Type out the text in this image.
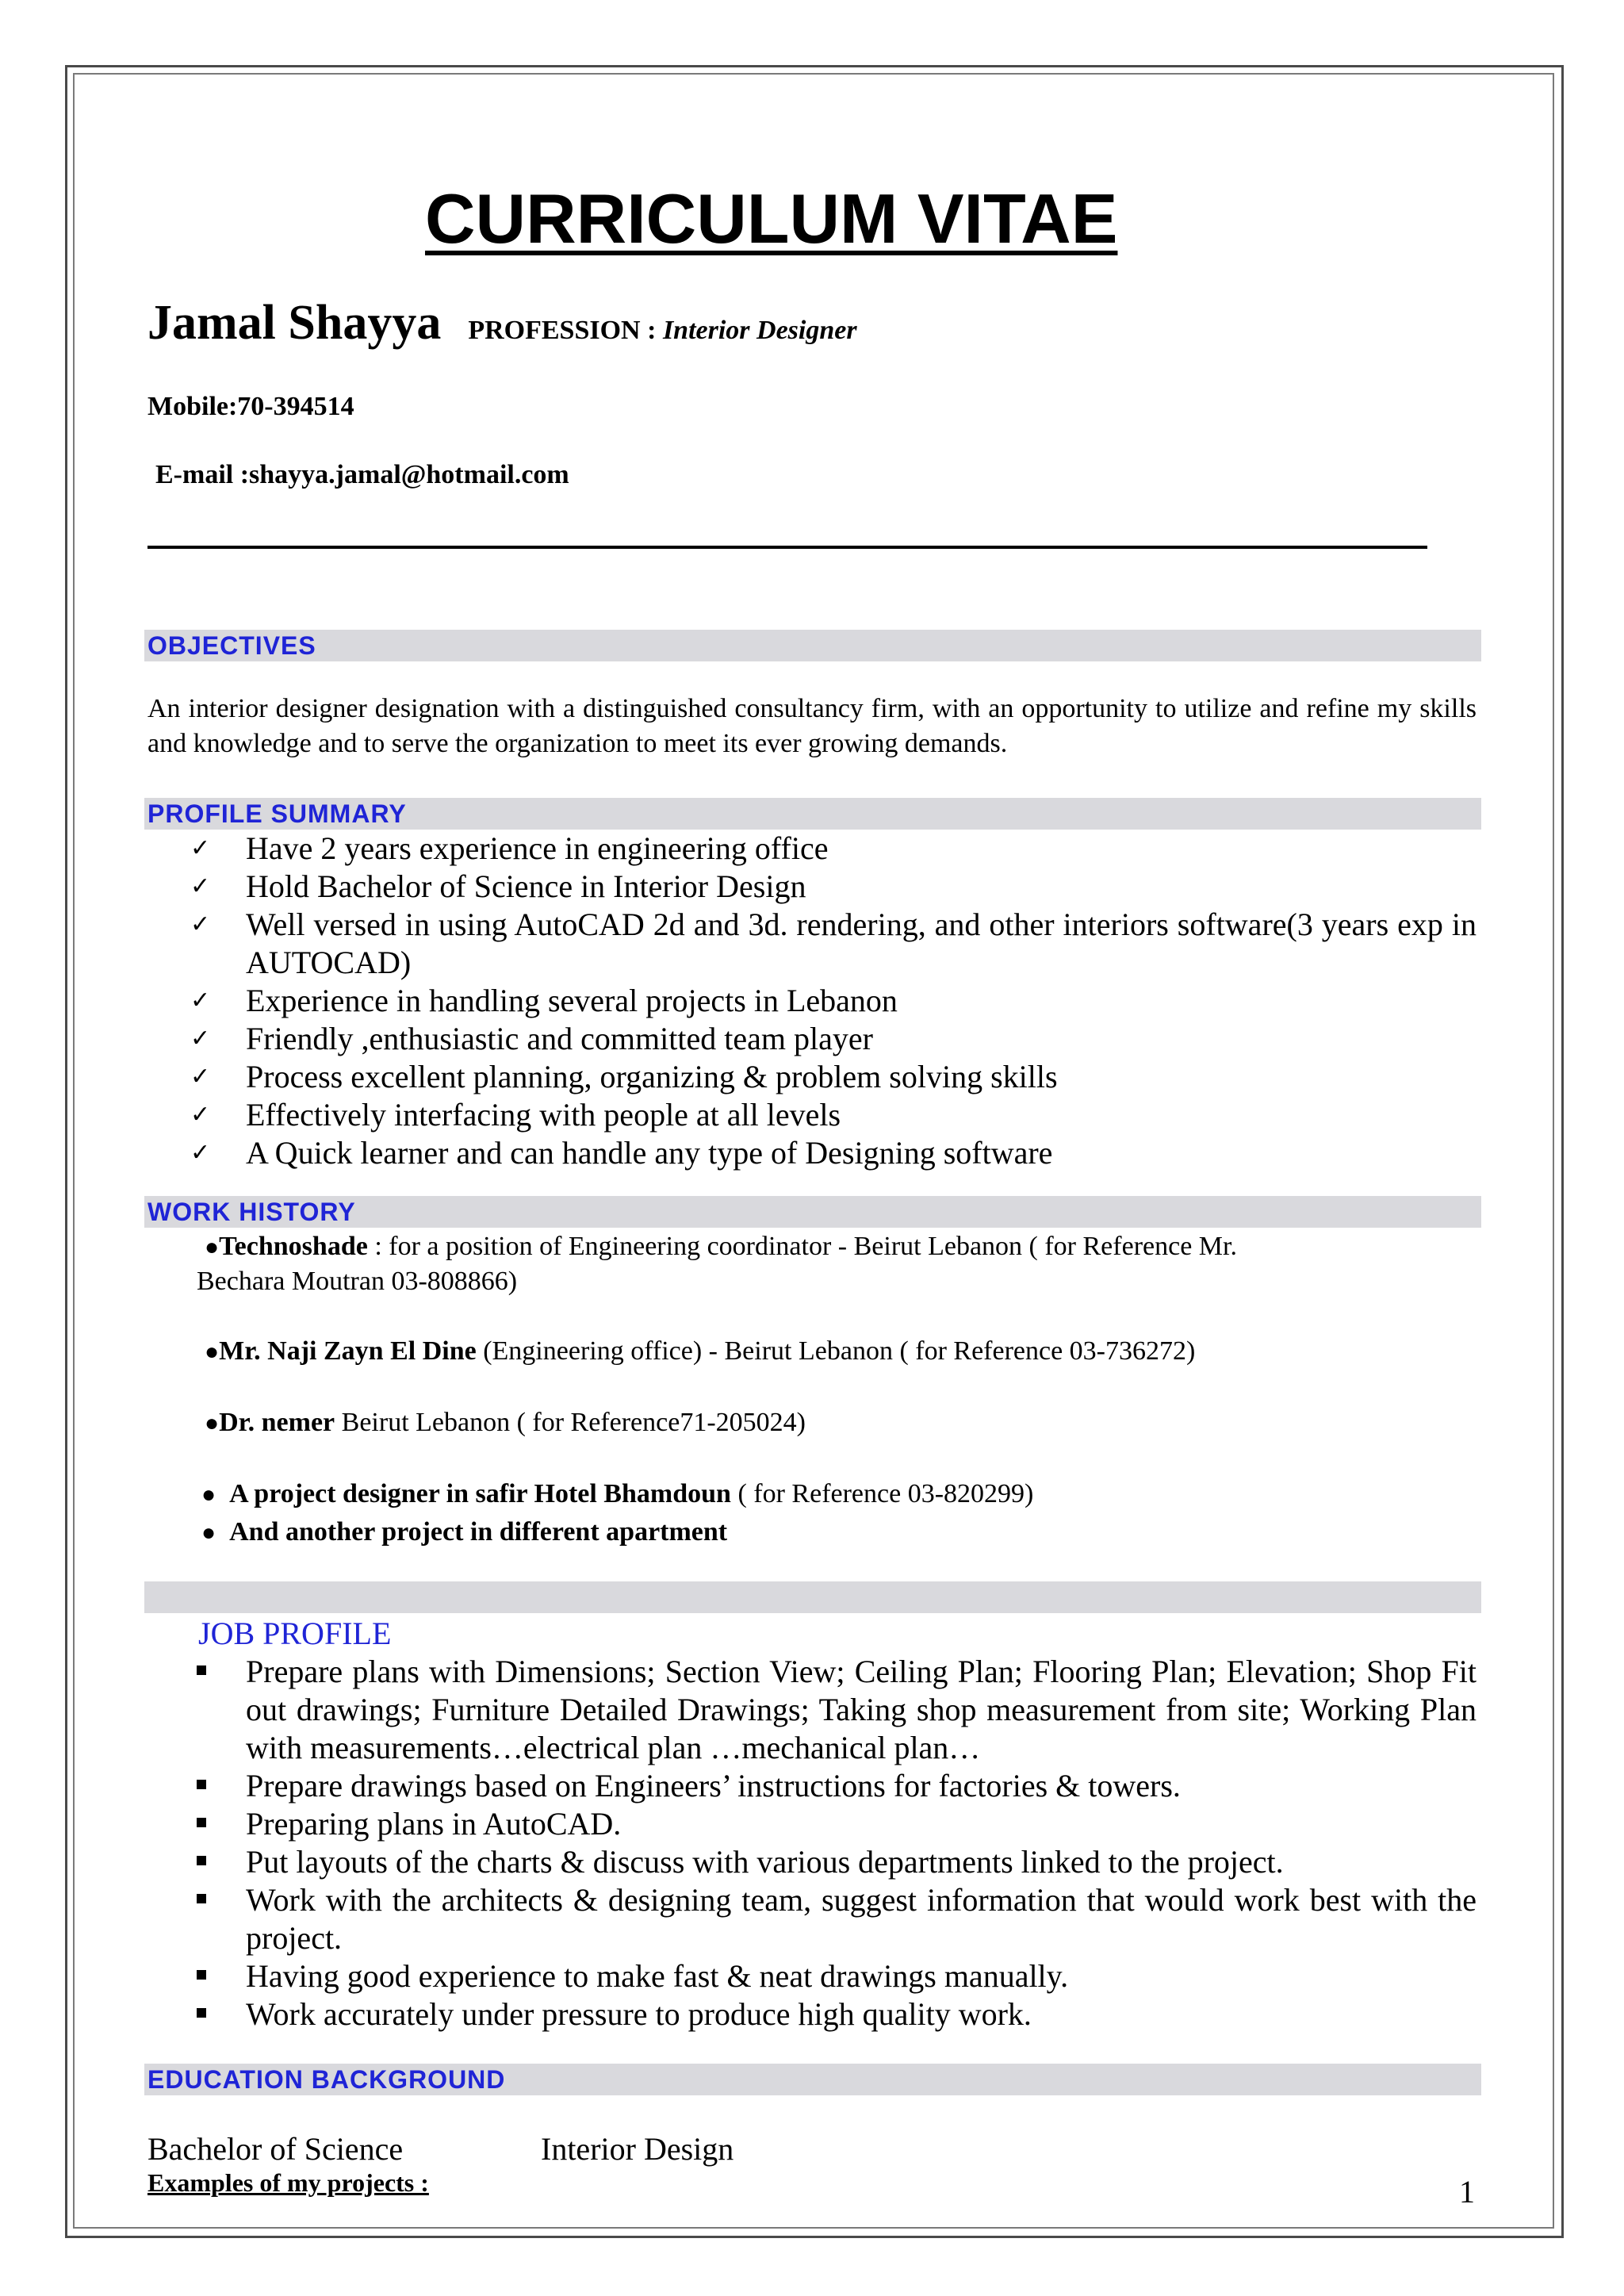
CURRICULUM VITAE
Jamal Shayya PROFESSION : Interior Designer
Mobile:70-394514
E-mail :shayya.jamal@hotmail.com
OBJECTIVES
An interior designer designation with a distinguished consultancy firm, with an opportunity to utilize and refine my skills and knowledge and to serve the organization to meet its ever growing demands.
PROFILE SUMMARY
✓ Have 2 years experience in engineering office
✓ Hold Bachelor of Science in Interior Design
✓ Well versed in using AutoCAD 2d and 3d. rendering, and other interiors software(3 years exp in AUTOCAD)
✓ Experience in handling several projects in Lebanon
✓ Friendly ,enthusiastic and committed team player
✓ Process excellent planning, organizing & problem solving skills
✓ Effectively interfacing with people at all levels
✓ A Quick learner and can handle any type of Designing software
WORK HISTORY
●Technoshade : for a position of Engineering coordinator - Beirut Lebanon ( for Reference Mr.
Bechara Moutran 03-808866)
●Mr. Naji Zayn El Dine (Engineering office) - Beirut Lebanon ( for Reference 03-736272)
●Dr. nemer Beirut Lebanon ( for Reference71-205024)
● A project designer in safir Hotel Bhamdoun ( for Reference 03-820299)
● And another project in different apartment
JOB PROFILE
Prepare plans with Dimensions; Section View; Ceiling Plan; Flooring Plan; Elevation; Shop Fit out drawings; Furniture Detailed Drawings; Taking shop measurement from site; Working Plan with measurements…electrical plan …mechanical plan…
Prepare drawings based on Engineers’ instructions for factories & towers.
Preparing plans in AutoCAD.
Put layouts of the charts & discuss with various departments linked to the project.
Work with the architects & designing team, suggest information that would work best with the project.
Having good experience to make fast & neat drawings manually.
Work accurately under pressure to produce high quality work.
EDUCATION BACKGROUND
Bachelor of Science	Interior Design
Examples of my projects :	1
